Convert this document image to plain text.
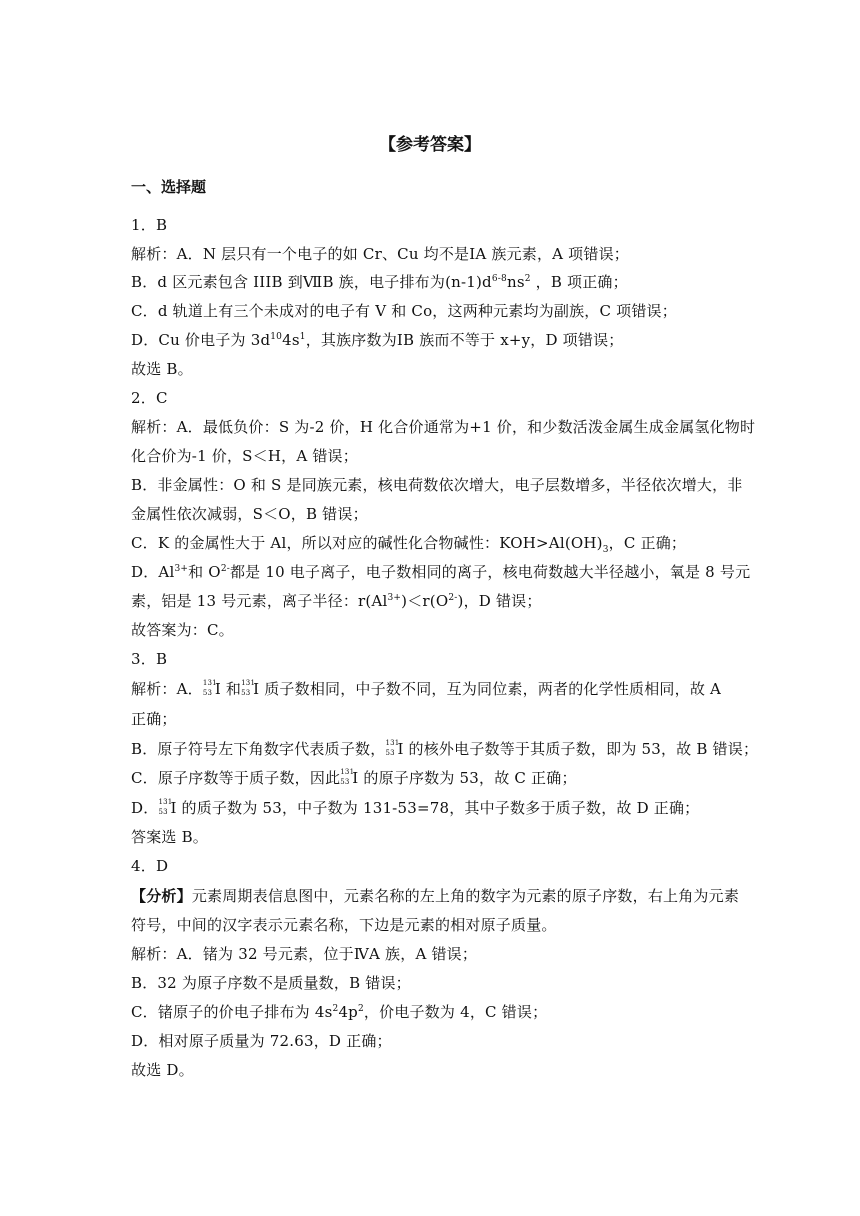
【参考答案】
一、选择题
1．B
解析：A．N 层只有一个电子的如 Cr、Cu 均不是ⅠA 族元素，A 项错误；
B．d 区元素包含 IIIB 到ⅦB 族，电子排布为$(n-1)d^{6-8}ns^2$ ，B 项正确；
C．d 轨道上有三个未成对的电子有 V 和 Co，这两种元素均为副族，C 项错误；
D．Cu 价电子为 $3d^{10}4s^1$，其族序数为ⅠB 族而不等于 x+y，D 项错误；
故选 B。
2．C
解析：A．最低负价：S 为-2 价，H 化合价通常为+1 价，和少数活泼金属生成金属氢化物时
化合价为-1 价，S＜H，A 错误；
B．非金属性：O 和 S 是同族元素，核电荷数依次增大，电子层数增多，半径依次增大，非
金属性依次减弱，S＜O，B 错误；
C．K 的金属性大于 Al，所以对应的碱性化合物碱性：$KOH>Al(OH)_3$，C 正确；
D．$Al^{3+}$和 $O^{2-}$都是 10 电子离子，电子数相同的离子，核电荷数越大半径越小，氧是 8 号元
素，铝是 13 号元素，离子半径：$r(Al^{3+})<r(O^{2-})$，D 错误；
故答案为：C。
3．B
解析：A． 131
53 I 和 131
53 I 质子数相同，中子数不同，互为同位素，两者的化学性质相同，故 A
正确；
B．原子符号左下角数字代表质子数， 131
53 I 的核外电子数等于其质子数，即为 53，故 B 错误；
C．原子序数等于质子数，因此 131
53 I 的原子序数为 53，故 C 正确；
D． 131
53 I 的质子数为 53，中子数为 131-53=78，其中子数多于质子数，故 D 正确；
答案选 B。
4．D
【分析】元素周期表信息图中，元素名称的左上角的数字为元素的原子序数，右上角为元素
符号，中间的汉字表示元素名称，下边是元素的相对原子质量。
解析：A．锗为 32 号元素，位于ⅣA 族，A 错误；
B．32 为原子序数不是质量数，B 错误；
C．锗原子的价电子排布为 $4s^24p^2$，价电子数为 4，C 错误；
D．相对原子质量为 72.63，D 正确；
故选 D。
